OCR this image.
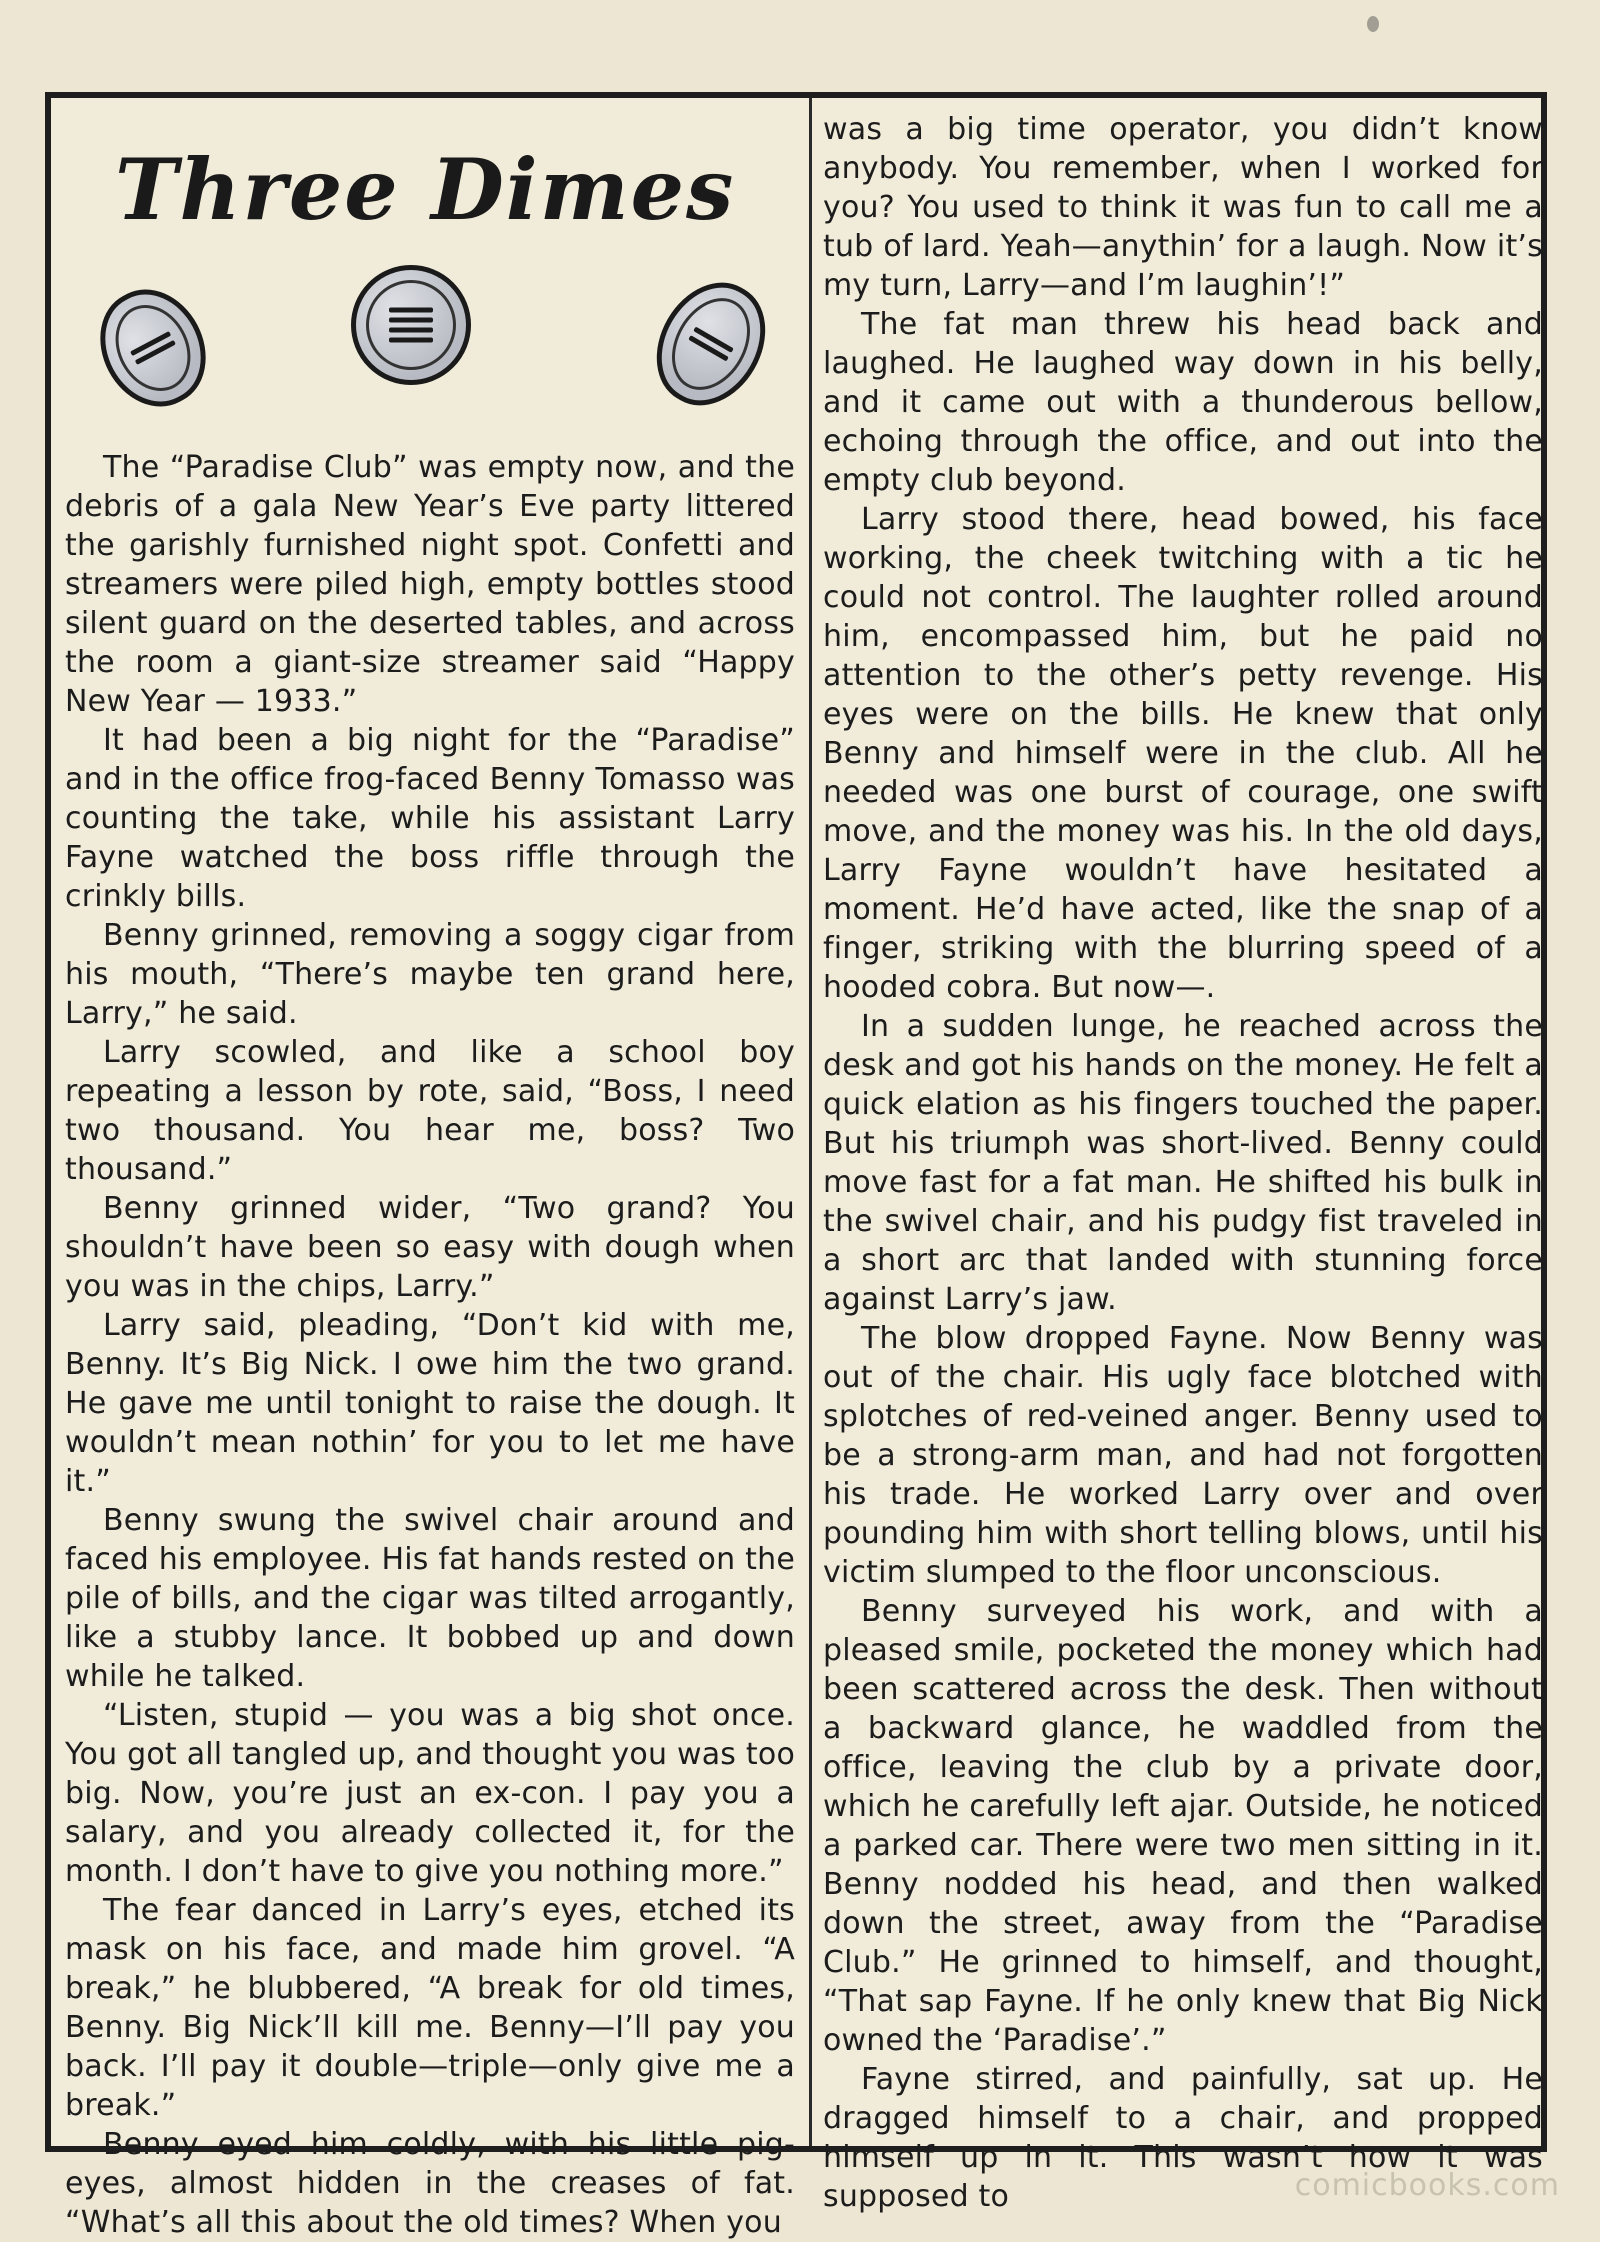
Three Dimes

The “Paradise Club” was empty now, and the debris of a gala New Year’s Eve party littered the garishly furnished night spot. Confetti and streamers were piled high, empty bottles stood silent guard on the deserted tables, and across the room a giant-size streamer said “Happy New Year — 1933.”

It had been a big night for the “Paradise” and in the office frog-faced Benny Tomasso was counting the take, while his assistant Larry Fayne watched the boss riffle through the crinkly bills.

Benny grinned, removing a soggy cigar from his mouth, “There’s maybe ten grand here, Larry,” he said.

Larry scowled, and like a school boy repeating a lesson by rote, said, “Boss, I need two thousand. You hear me, boss? Two thousand.”

Benny grinned wider, “Two grand? You shouldn’t have been so easy with dough when you was in the chips, Larry.”

Larry said, pleading, “Don’t kid with me, Benny. It’s Big Nick. I owe him the two grand. He gave me until tonight to raise the dough. It wouldn’t mean nothin’ for you to let me have it.”

Benny swung the swivel chair around and faced his employee. His fat hands rested on the pile of bills, and the cigar was tilted arrogantly, like a stubby lance. It bobbed up and down while he talked.

“Listen, stupid — you was a big shot once. You got all tangled up, and thought you was too big. Now, you’re just an ex-con. I pay you a salary, and you already collected it, for the month. I don’t have to give you nothing more.”

The fear danced in Larry’s eyes, etched its mask on his face, and made him grovel. “A break,” he blubbered, “A break for old times, Benny. Big Nick’ll kill me. Benny—I’ll pay you back. I’ll pay it double—triple—only give me a break.”

Benny eyed him coldly, with his little pig-eyes, almost hidden in the creases of fat. “What’s all this about the old times? When you

was a big time operator, you didn’t know anybody. You remember, when I worked for you? You used to think it was fun to call me a tub of lard. Yeah—anythin’ for a laugh. Now it’s my turn, Larry—and I’m laughin’!”

The fat man threw his head back and laughed. He laughed way down in his belly, and it came out with a thunderous bellow, echoing through the office, and out into the empty club beyond.

Larry stood there, head bowed, his face working, the cheek twitching with a tic he could not control. The laughter rolled around him, encompassed him, but he paid no attention to the other’s petty revenge. His eyes were on the bills. He knew that only Benny and himself were in the club. All he needed was one burst of courage, one swift move, and the money was his. In the old days, Larry Fayne wouldn’t have hesitated a moment. He’d have acted, like the snap of a finger, striking with the blurring speed of a hooded cobra. But now—.

In a sudden lunge, he reached across the desk and got his hands on the money. He felt a quick elation as his fingers touched the paper. But his triumph was short-lived. Benny could move fast for a fat man. He shifted his bulk in the swivel chair, and his pudgy fist traveled in a short arc that landed with stunning force against Larry’s jaw.

The blow dropped Fayne. Now Benny was out of the chair. His ugly face blotched with splotches of red-veined anger. Benny used to be a strong-arm man, and had not forgotten his trade. He worked Larry over and over pounding him with short telling blows, until his victim slumped to the floor unconscious.

Benny surveyed his work, and with a pleased smile, pocketed the money which had been scattered across the desk. Then without a backward glance, he waddled from the office, leaving the club by a private door, which he carefully left ajar. Outside, he noticed a parked car. There were two men sitting in it. Benny nodded his head, and then walked down the street, away from the “Paradise Club.” He grinned to himself, and thought, “That sap Fayne. If he only knew that Big Nick owned the ‘Paradise’.”

Fayne stirred, and painfully, sat up. He dragged himself to a chair, and propped himself up in it. This wasn’t how it was supposed to	comicbooks.com
